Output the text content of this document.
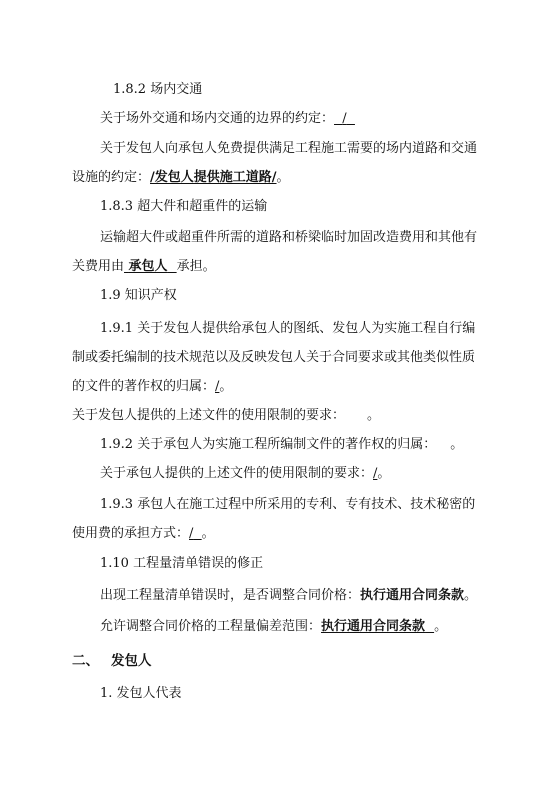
1.8.2 场内交通
关于场外交通和场内交通的边界的约定： /
关于发包人向承包人免费提供满足工程施工需要的场内道路和交通
设施的约定：/发包人提供施工道路/。
1.8.3 超大件和超重件的运输
运输超大件或超重件所需的道路和桥梁临时加固改造费用和其他有
关费用由 承包人 承担。
1.9 知识产权
1.9.1 关于发包人提供给承包人的图纸、发包人为实施工程自行编
制或委托编制的技术规范以及反映发包人关于合同要求或其他类似性质
的文件的著作权的归属：/。
关于发包人提供的上述文件的使用限制的要求： 。
1.9.2 关于承包人为实施工程所编制文件的著作权的归属： 。
关于承包人提供的上述文件的使用限制的要求：/。
1.9.3 承包人在施工过程中所采用的专利、专有技术、技术秘密的
使用费的承担方式：/ 。
1.10 工程量清单错误的修正
出现工程量清单错误时，是否调整合同价格：执行通用合同条款。
允许调整合同价格的工程量偏差范围：执行通用合同条款 。
二、 发包人
1. 发包人代表
